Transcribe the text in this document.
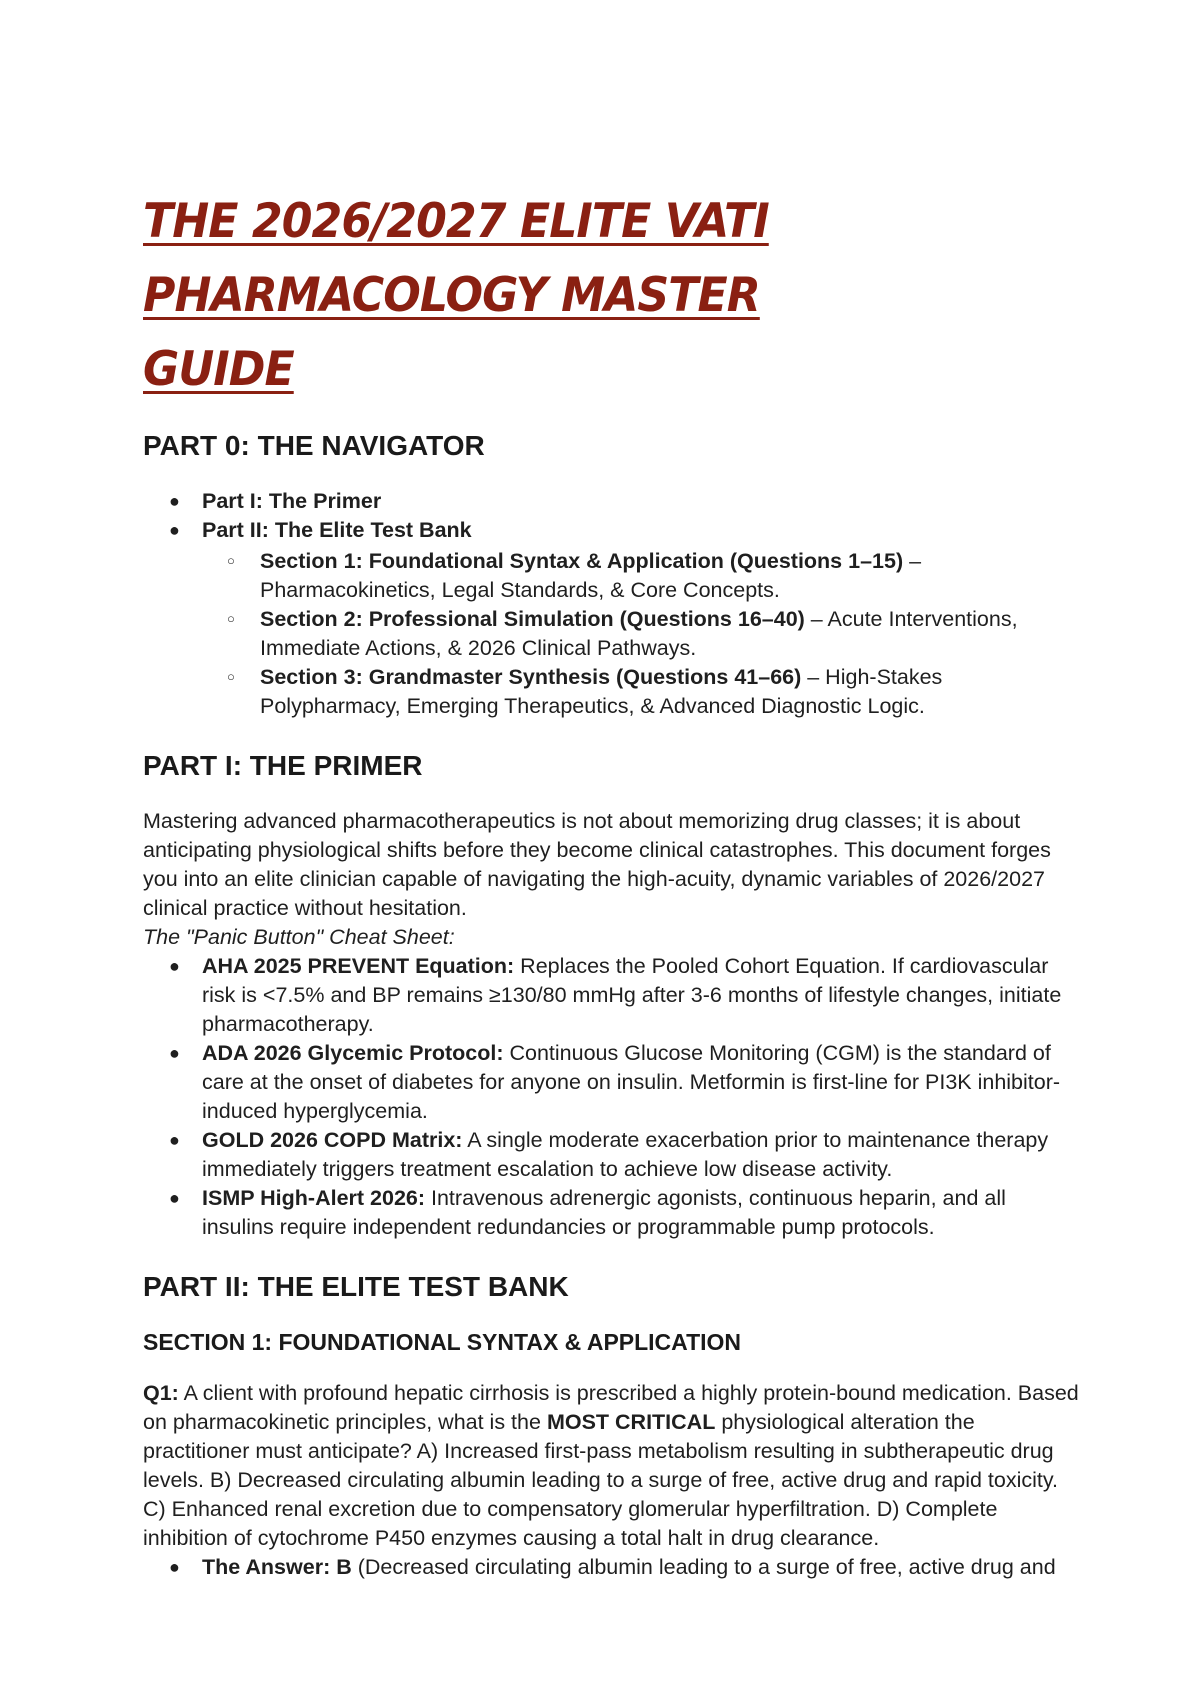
THE 2026/2027 ELITE VATI PHARMACOLOGY MASTER GUIDE
PART 0: THE NAVIGATOR
● Part I: The Primer
● Part II: The Elite Test Bank
○ Section 1: Foundational Syntax & Application (Questions 1–15) – Pharmacokinetics, Legal Standards, & Core Concepts.
○ Section 2: Professional Simulation (Questions 16–40) – Acute Interventions, Immediate Actions, & 2026 Clinical Pathways.
○ Section 3: Grandmaster Synthesis (Questions 41–66) – High-Stakes Polypharmacy, Emerging Therapeutics, & Advanced Diagnostic Logic.
PART I: THE PRIMER

Mastering advanced pharmacotherapeutics is not about memorizing drug classes; it is about anticipating physiological shifts before they become clinical catastrophes. This document forges you into an elite clinician capable of navigating the high-acuity, dynamic variables of 2026/2027 clinical practice without hesitation.

The "Panic Button" Cheat Sheet:

● AHA 2025 PREVENT Equation: Replaces the Pooled Cohort Equation. If cardiovascular risk is <7.5% and BP remains ≥130/80 mmHg after 3-6 months of lifestyle changes, initiate pharmacotherapy.
● ADA 2026 Glycemic Protocol: Continuous Glucose Monitoring (CGM) is the standard of care at the onset of diabetes for anyone on insulin. Metformin is first-line for PI3K inhibitor-induced hyperglycemia.
● GOLD 2026 COPD Matrix: A single moderate exacerbation prior to maintenance therapy immediately triggers treatment escalation to achieve low disease activity.
● ISMP High-Alert 2026: Intravenous adrenergic agonists, continuous heparin, and all insulins require independent redundancies or programmable pump protocols.
PART II: THE ELITE TEST BANK
SECTION 1: FOUNDATIONAL SYNTAX & APPLICATION

Q1: A client with profound hepatic cirrhosis is prescribed a highly protein-bound medication. Based on pharmacokinetic principles, what is the MOST CRITICAL physiological alteration the practitioner must anticipate? A) Increased first-pass metabolism resulting in subtherapeutic drug levels. B) Decreased circulating albumin leading to a surge of free, active drug and rapid toxicity. C) Enhanced renal excretion due to compensatory glomerular hyperfiltration. D) Complete inhibition of cytochrome P450 enzymes causing a total halt in drug clearance.

● The Answer: B (Decreased circulating albumin leading to a surge of free, active drug and
